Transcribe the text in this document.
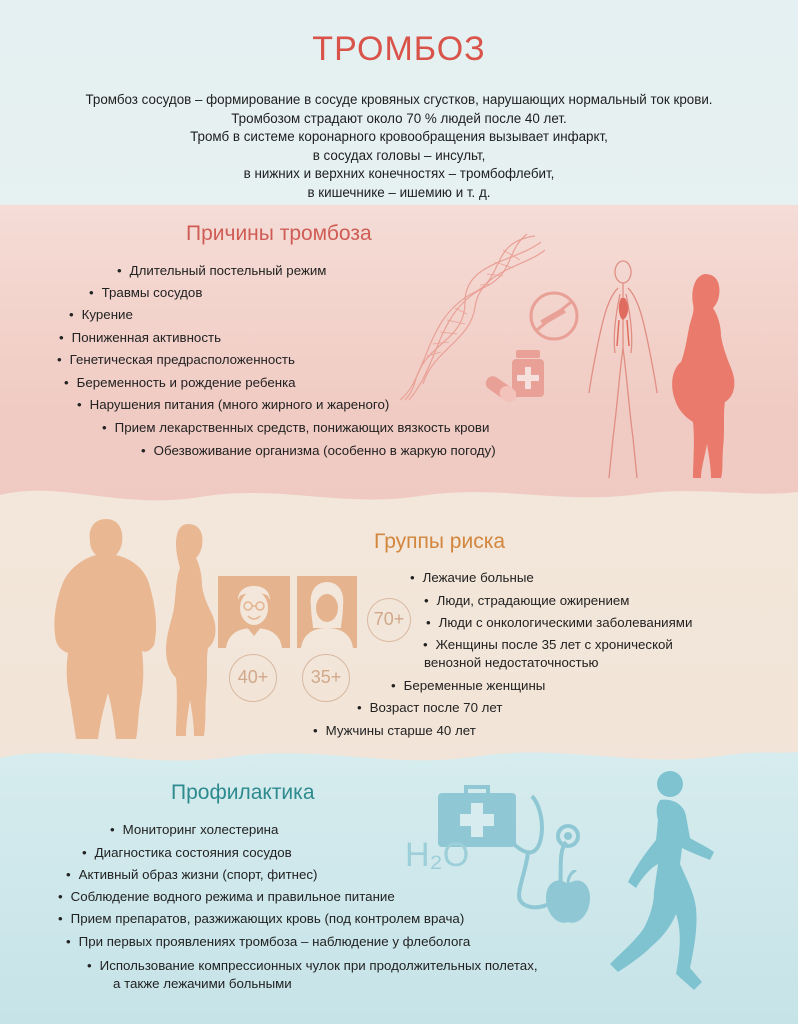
ТРОМБОЗ
Тромбоз сосудов – формирование в сосуде кровяных сгустков, нарушающих нормальный ток крови.
Тромбозом страдают около 70 % людей после 40 лет.
Тромб в системе коронарного кровообращения вызывает инфаркт,
в сосудах головы – инсульт,
в нижних и верхних конечностях – тромбофлебит,
в кишечнике – ишемию и т. д.
Причины тромбоза
• Длительный постельный режим
• Травмы сосудов
• Курение
• Пониженная активность
• Генетическая предрасположенность
• Беременность и рождение ребенка
• Нарушения питания (много жирного и жареного)
• Прием лекарственных средств, понижающих вязкость крови
• Обезвоживание организма (особенно в жаркую погоду)
Группы риска
• Лежачие больные
• Люди, страдающие ожирением
• Люди с онкологическими заболеваниями
• Женщины после 35 лет с хронической
венозной недостаточностью
• Беременные женщины
• Возраст после 70 лет
• Мужчины старше 40 лет
70+
40+	35+
Профилактика
• Мониторинг холестерина
• Диагностика состояния сосудов
• Активный образ жизни (спорт, фитнес)
• Соблюдение водного режима и правильное питание
• Прием препаратов, разжижающих кровь (под контролем врача)
• При первых проявлениях тромбоза – наблюдение у флеболога
• Использование компрессионных чулок при продолжительных полетах,
а также лежачими больными
H₂O
